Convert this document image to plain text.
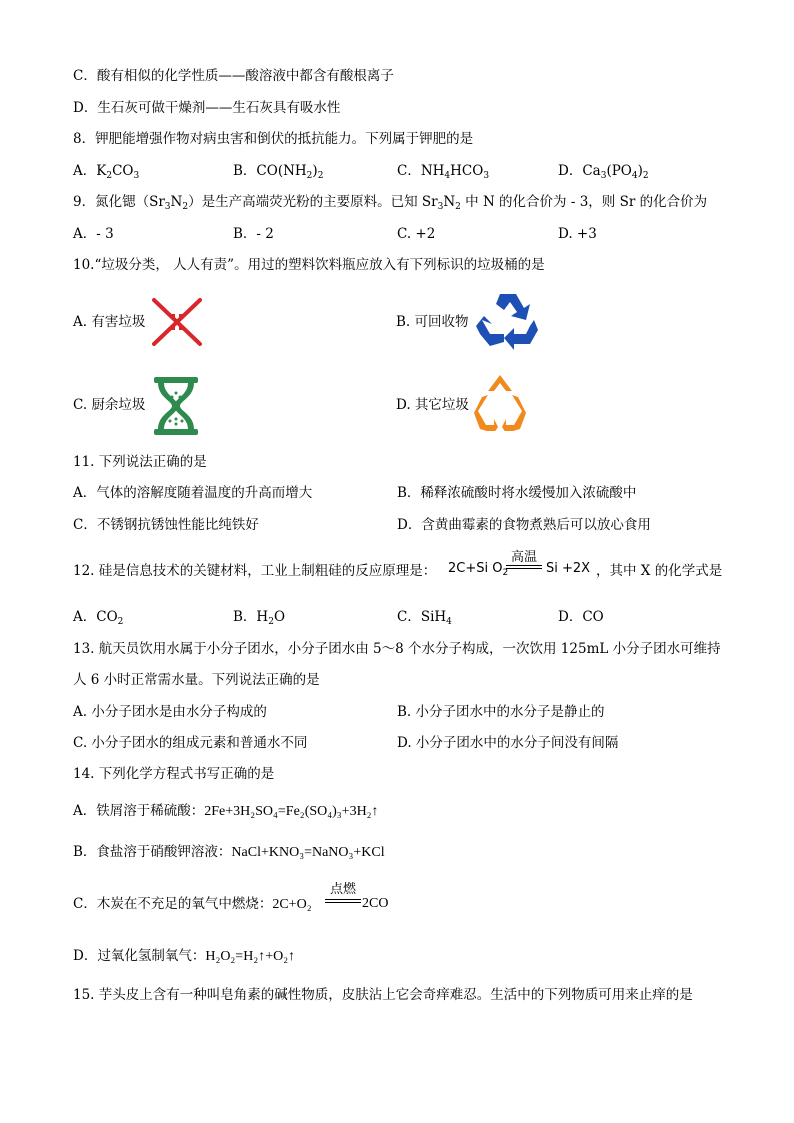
C．酸有相似的化学性质——酸溶液中都含有酸根离子
D．生石灰可做干燥剂——生石灰具有吸水性
8．钾肥能增强作物对病虫害和倒伏的抵抗能力。下列属于钾肥的是
A．$K_2CO_3$	B．$CO(NH_2)_2$	C．$NH_4HCO_3$	D．$Ca_3(PO_4)_2$
9．氮化锶$(Sr_3N_2)$是生产高端荧光粉的主要原料。已知 $Sr_3N_2$ 中 N 的化合价为 - 3，则 Sr 的化合价为
A．- 3	B．- 2	C. +2	D. +3
10.“垃圾分类， 人人有责”。用过的塑料饮料瓶应放入有下列标识的垃圾桶的是
A. 有害垃圾	B. 可回收物
C. 厨余垃圾	D. 其它垃圾
11. 下列说法正确的是
A．气体的溶解度随着温度的升高而增大	B．稀释浓硫酸时将水缓慢加入浓硫酸中
C．不锈钢抗锈蚀性能比纯铁好	D．含黄曲霉素的食物煮熟后可以放心食用
12. 硅是信息技术的关键材料，工业上制粗硅的反应原理是： 2C+Si $O_2$
高温
Si +2X ，其中 X 的化学式是
A．$CO_2$	B．$H_2O$	C．SiH$_4$	D．CO
13. 航天员饮用水属于小分子团水，小分子团水由 5～8 个水分子构成，一次饮用 125mL 小分子团水可维持
人 6 小时正常需水量。下列说法正确的是
A. 小分子团水是由水分子构成的	B. 小分子团水中的水分子是静止的
C. 小分子团水的组成元素和普通水不同	D. 小分子团水中的水分子间没有间隔
14. 下列化学方程式书写正确的是
A．铁屑溶于稀硫酸：2Fe+3H₂SO₄=Fe₂(SO₄)₃+3H₂↑
B．食盐溶于硝酸钾溶液：NaCl+KNO₃=NaNO₃+KCl
C．木炭在不充足的氧气中燃烧：2C+O₂
点燃
2CO
D．过氧化氢制氧气：H₂O₂=H₂↑+O₂↑
15. 芋头皮上含有一种叫皂角素的碱性物质，皮肤沾上它会奇痒难忍。生活中的下列物质可用来止痒的是
